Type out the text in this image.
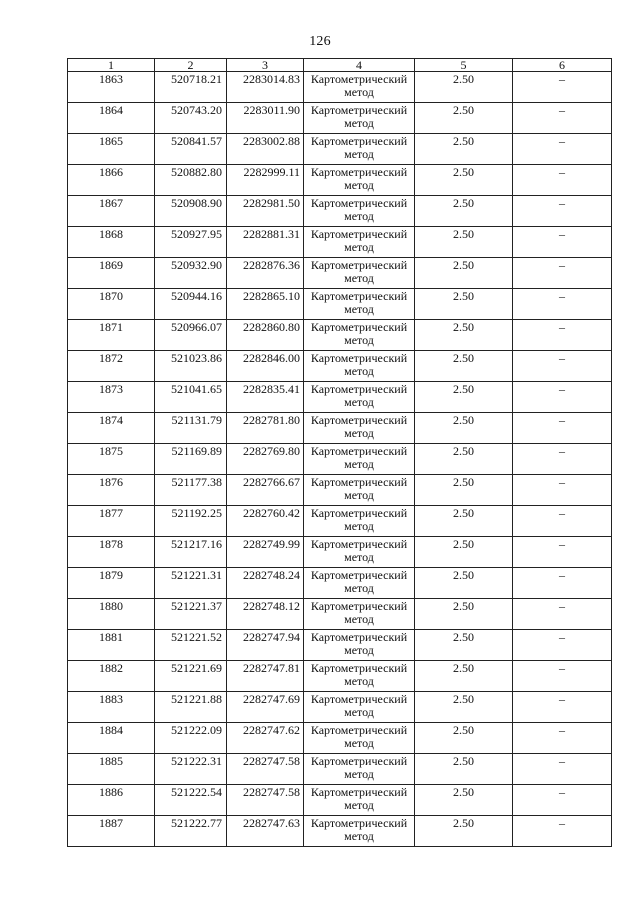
126
1	2	3	4	5	6
1863	520718.21	2283014.83	Картометрический метод	2.50	–
1864	520743.20	2283011.90	Картометрический метод	2.50	–
1865	520841.57	2283002.88	Картометрический метод	2.50	–
1866	520882.80	2282999.11	Картометрический метод	2.50	–
1867	520908.90	2282981.50	Картометрический метод	2.50	–
1868	520927.95	2282881.31	Картометрический метод	2.50	–
1869	520932.90	2282876.36	Картометрический метод	2.50	–
1870	520944.16	2282865.10	Картометрический метод	2.50	–
1871	520966.07	2282860.80	Картометрический метод	2.50	–
1872	521023.86	2282846.00	Картометрический метод	2.50	–
1873	521041.65	2282835.41	Картометрический метод	2.50	–
1874	521131.79	2282781.80	Картометрический метод	2.50	–
1875	521169.89	2282769.80	Картометрический метод	2.50	–
1876	521177.38	2282766.67	Картометрический метод	2.50	–
1877	521192.25	2282760.42	Картометрический метод	2.50	–
1878	521217.16	2282749.99	Картометрический метод	2.50	–
1879	521221.31	2282748.24	Картометрический метод	2.50	–
1880	521221.37	2282748.12	Картометрический метод	2.50	–
1881	521221.52	2282747.94	Картометрический метод	2.50	–
1882	521221.69	2282747.81	Картометрический метод	2.50	–
1883	521221.88	2282747.69	Картометрический метод	2.50	–
1884	521222.09	2282747.62	Картометрический метод	2.50	–
1885	521222.31	2282747.58	Картометрический метод	2.50	–
1886	521222.54	2282747.58	Картометрический метод	2.50	–
1887	521222.77	2282747.63	Картометрический метод	2.50	–
